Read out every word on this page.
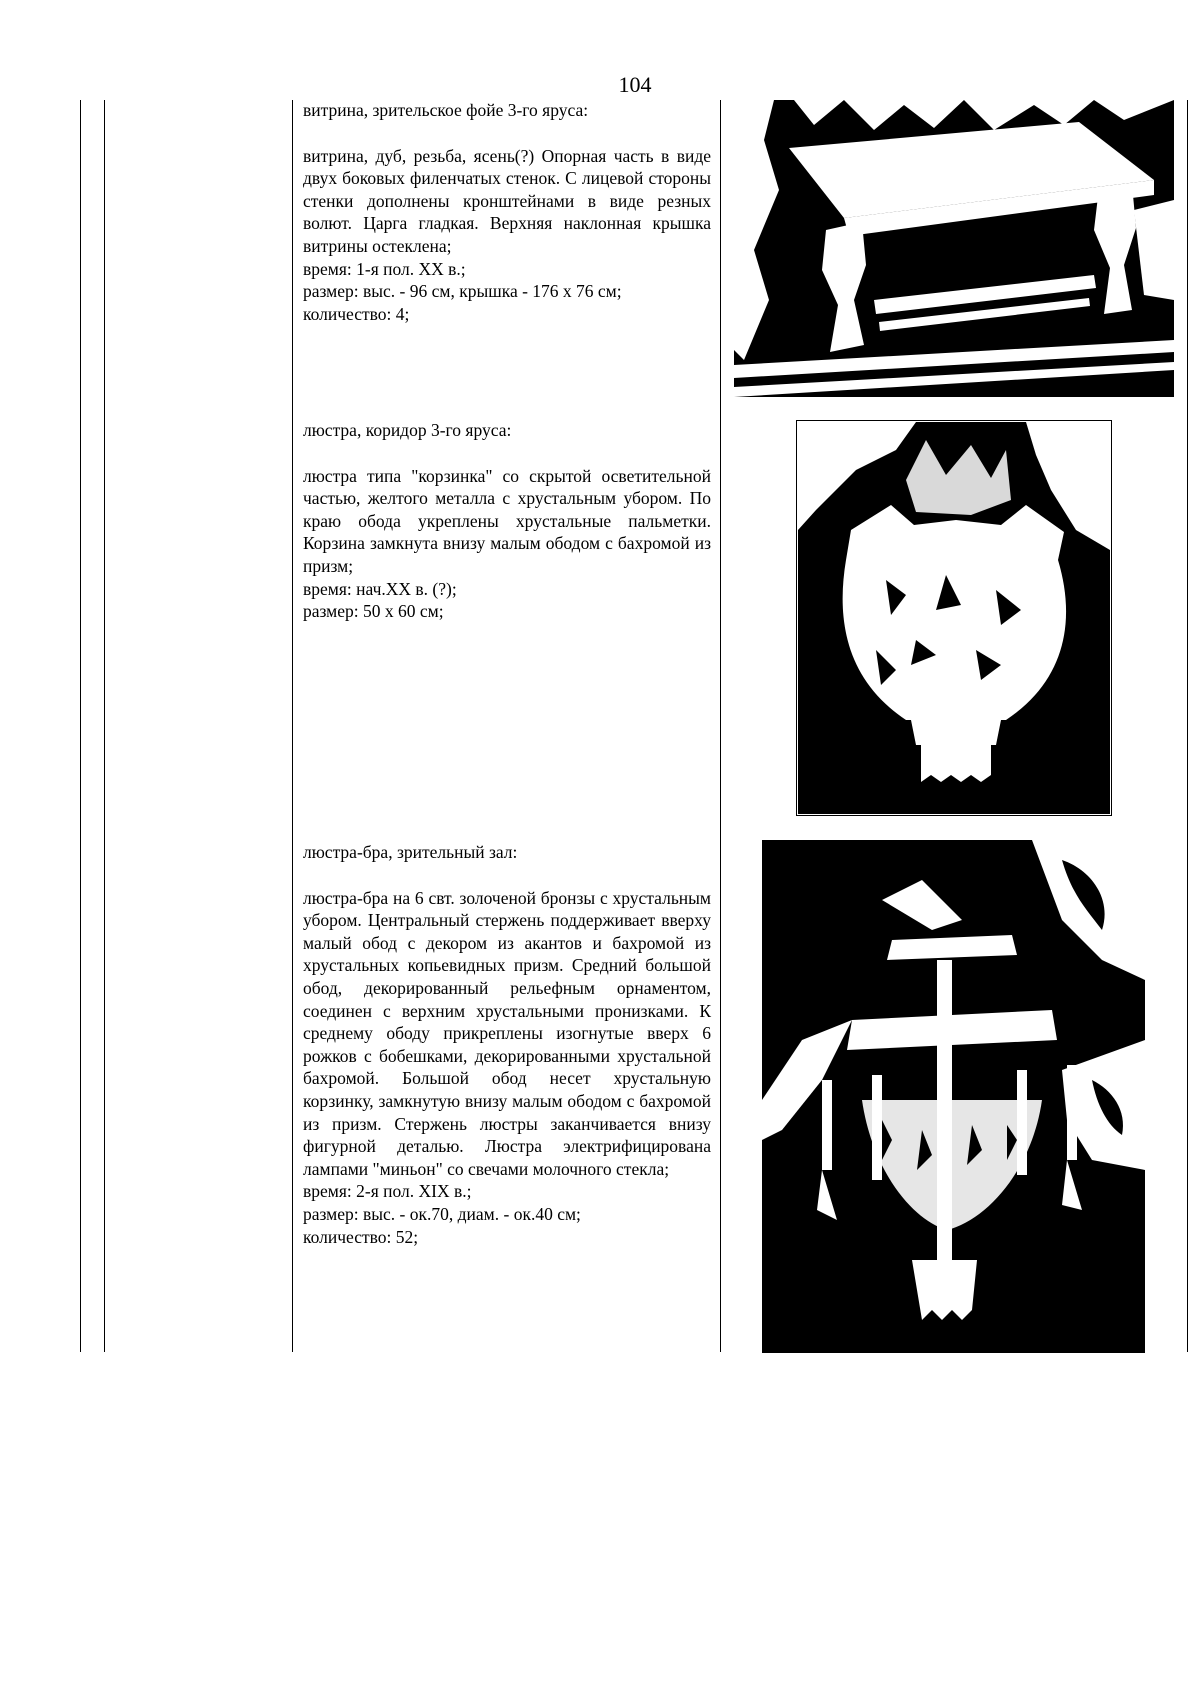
104

витрина, зрительское фойе 3-го яруса:

витрина, дуб, резьба, ясень(?) Опорная часть в виде двух боковых филенчатых стенок. С лицевой стороны стенки дополнены кронштейнами в виде резных волют. Царга гладкая. Верхняя наклонная крышка витрины остеклена;

время: 1-я пол. XX в.;

размер: выс. - 96 см, крышка - 176 х 76 см;

количество: 4;

люстра, коридор 3-го яруса:

люстра типа "корзинка" со скрытой осветительной частью, желтого металла с хрустальным убором. По краю обода укреплены хрустальные пальметки. Корзина замкнута внизу малым ободом с бахромой из призм;

время: нач.XX в. (?);

размер: 50 х 60 см;

люстра-бра, зрительный зал:

люстра-бра на 6 свт. золоченой бронзы с хрустальным убором. Центральный стержень поддерживает вверху малый обод с декором из акантов и бахромой из хрустальных копьевидных призм. Средний большой обод, декорированный рельефным орнаментом, соединен с верхним хрустальными пронизками. К среднему ободу прикреплены изогнутые вверх 6 рожков с бобешками, декорированными хрустальной бахромой. Большой обод несет хрустальную корзинку, замкнутую внизу малым ободом с бахромой из призм. Стержень люстры заканчивается внизу фигурной деталью. Люстра электрифицирована лампами "миньон" со свечами молочного стекла;

время: 2-я пол. XIX в.;

размер: выс. - ок.70, диам. - ок.40 см;

количество: 52;
